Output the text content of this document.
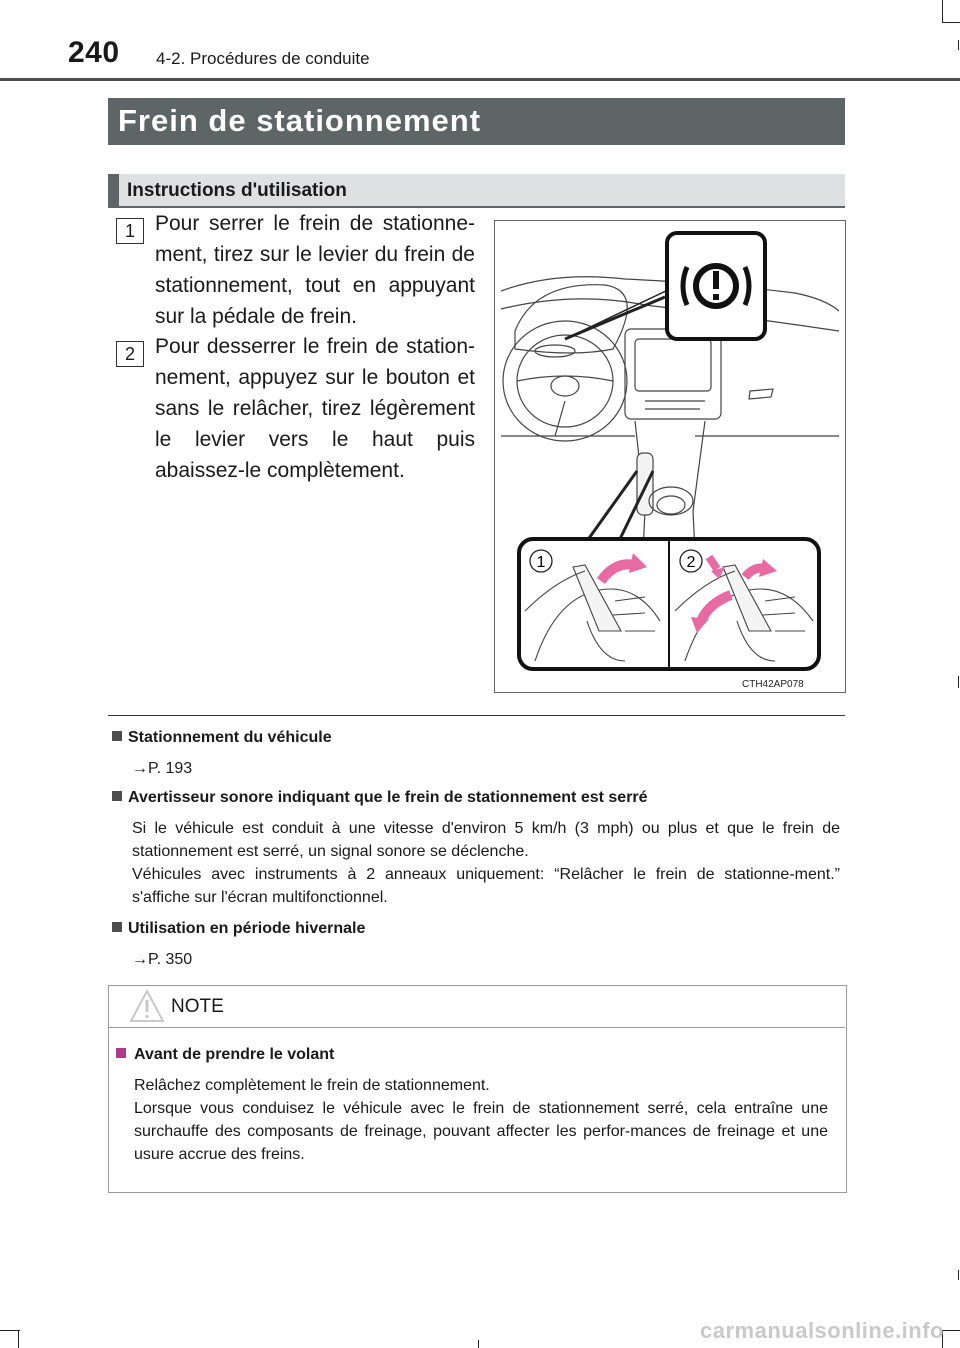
240 4-2. Procédures de conduite
Frein de stationnement
Instructions d'utilisation
1 Pour serrer le frein de stationne-ment, tirez sur le levier du frein de stationnement, tout en appuyant sur la pédale de frein.
2 Pour desserrer le frein de station-nement, appuyez sur le bouton et sans le relâcher, tirez légèrement le levier vers le haut puis abaissez-le complètement.
1	2
CTH42AP078
Stationnement du véhicule
→P. 193
Avertisseur sonore indiquant que le frein de stationnement est serré
Si le véhicule est conduit à une vitesse d'environ 5 km/h (3 mph) ou plus et que le frein de stationnement est serré, un signal sonore se déclenche.
Véhicules avec instruments à 2 anneaux uniquement: “Relâcher le frein de stationne-ment.” s'affiche sur l'écran multifonctionnel.
Utilisation en période hivernale
→P. 350
NOTE
Avant de prendre le volant
Relâchez complètement le frein de stationnement.
Lorsque vous conduisez le véhicule avec le frein de stationnement serré, cela entraîne une surchauffe des composants de freinage, pouvant affecter les perfor-mances de freinage et une usure accrue des freins.
carmanualsonline.info
